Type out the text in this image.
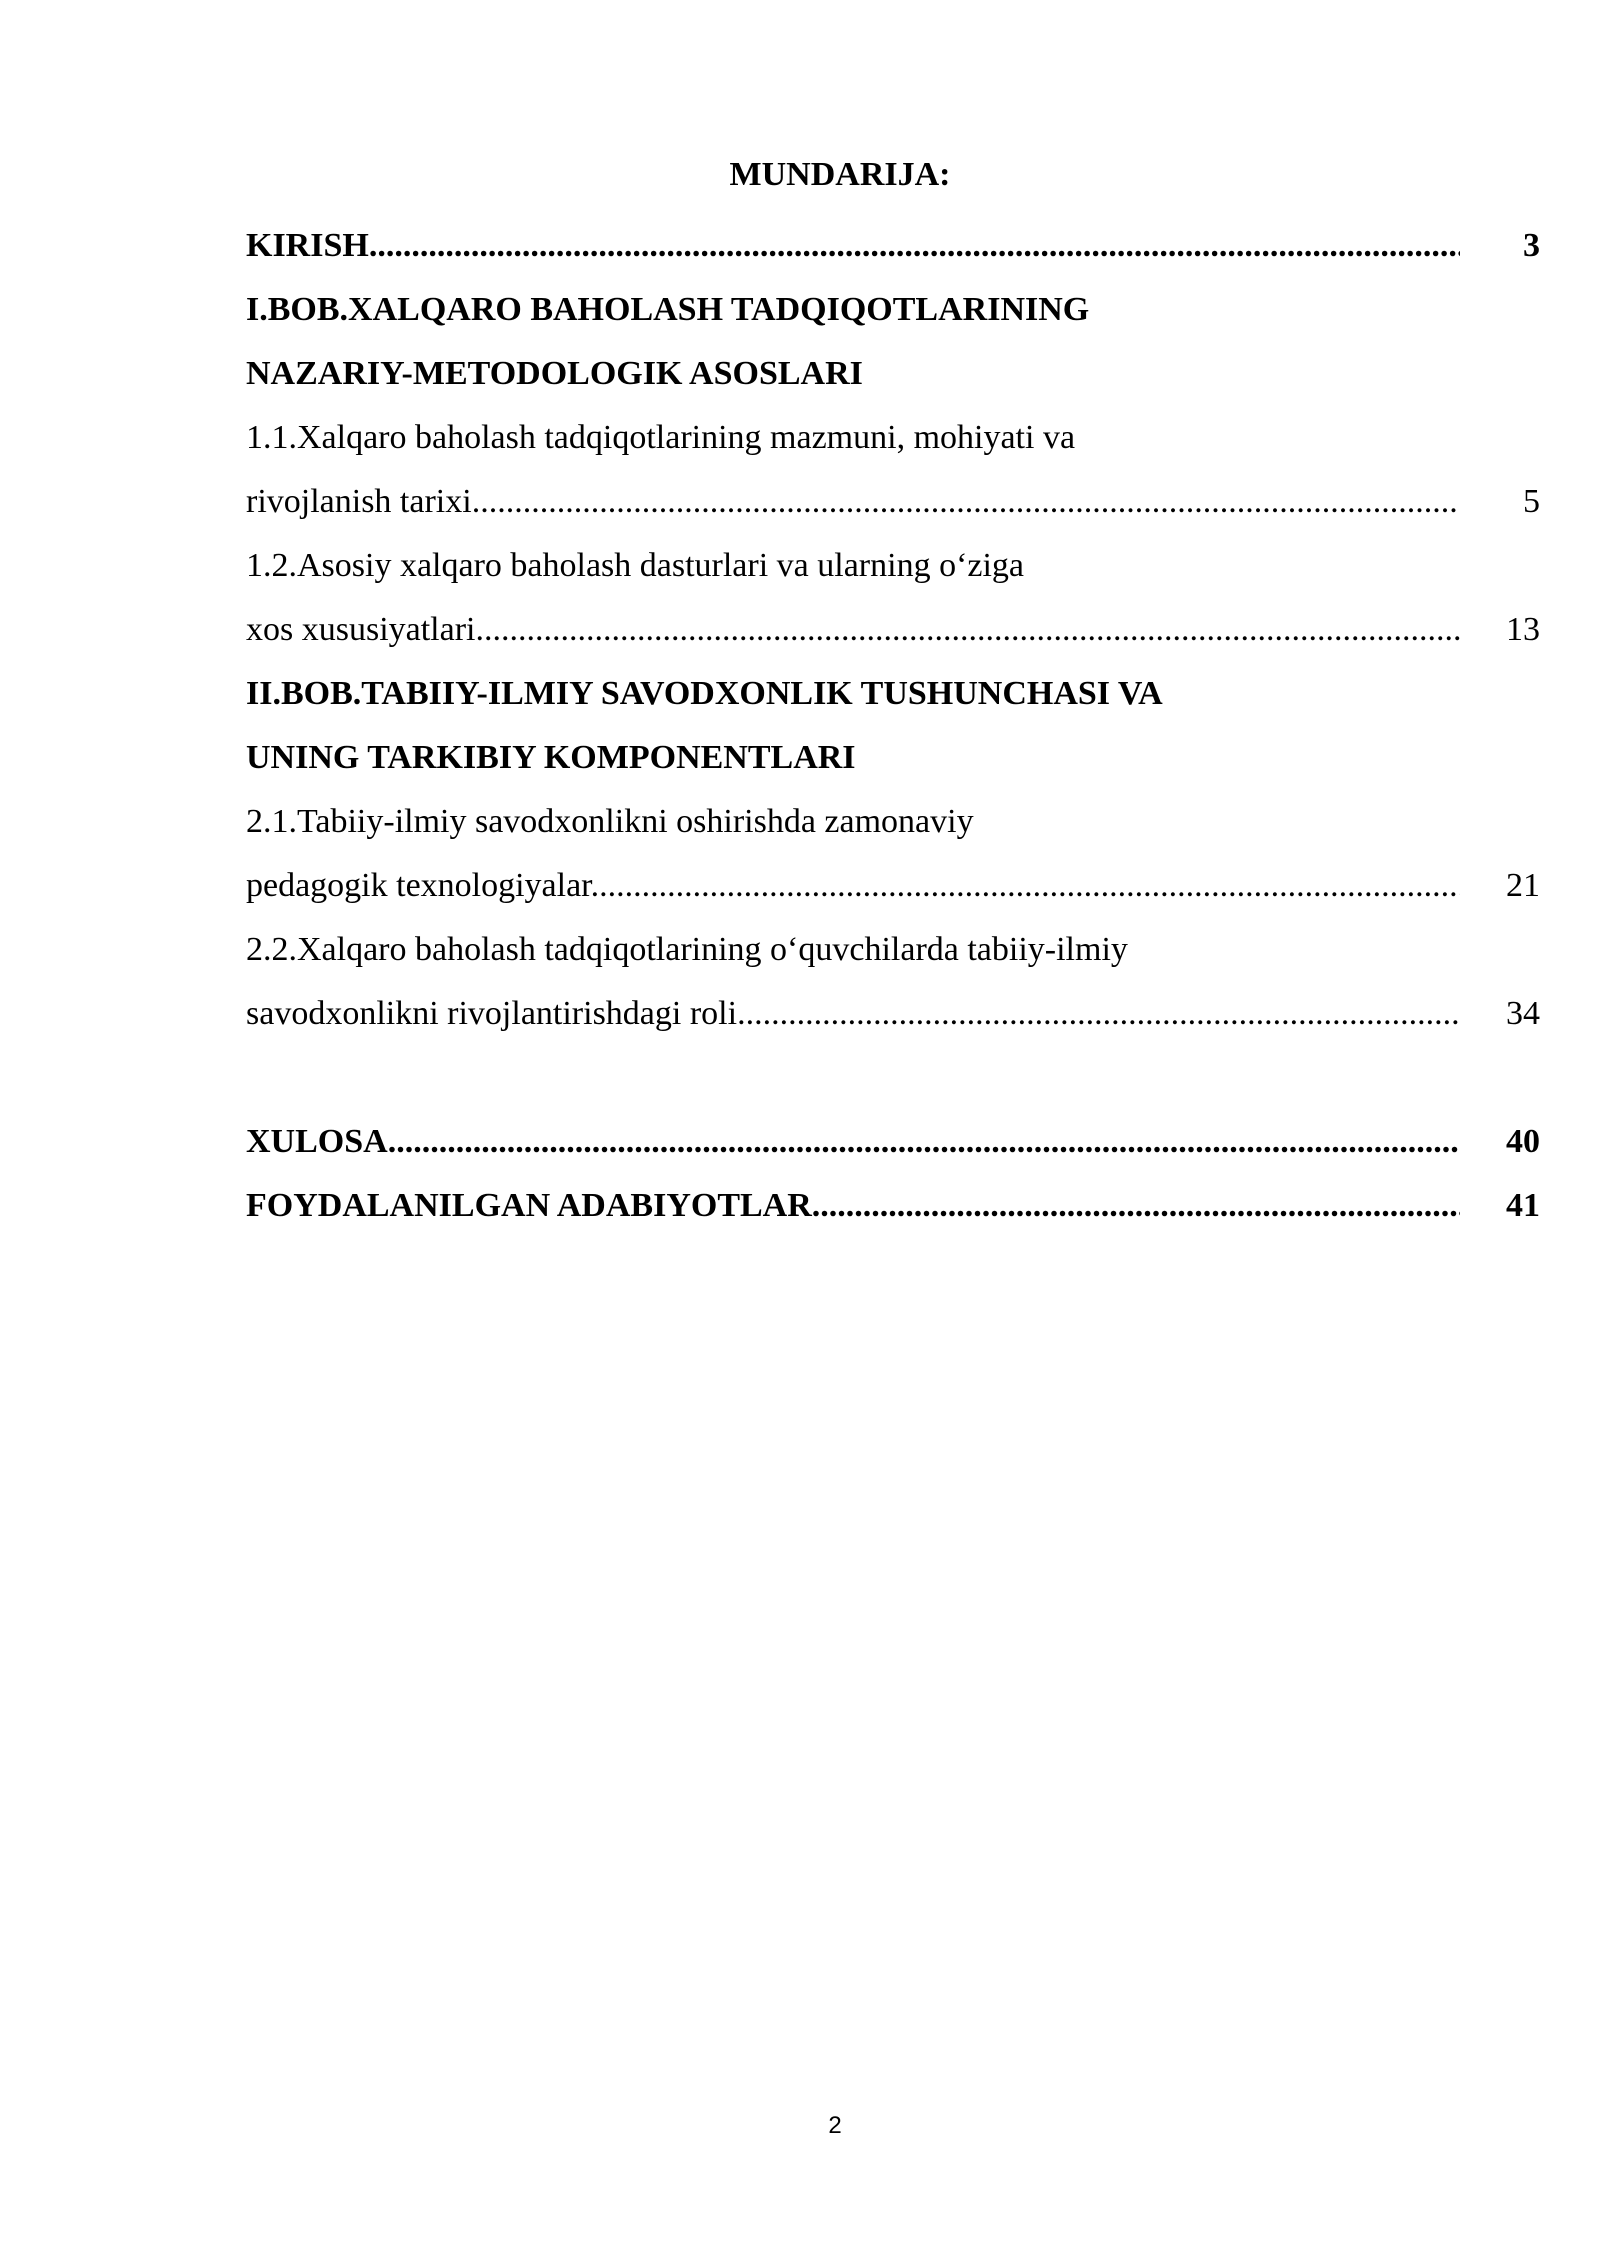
MUNDARIJA:
KIRISH .....	3
I.BOB.XALQARO BAHOLASH TADQIQOTLARINING
NAZARIY-METODOLOGIK ASOSLARI
1.1.Xalqaro baholash tadqiqotlarining mazmuni, mohiyati va
rivojlanish tarixi .....	5
1.2.Asosiy xalqaro baholash dasturlari va ularning o‘ziga
xos xususiyatlari .....	13
II.BOB.TABIIY-ILMIY SAVODXONLIK TUSHUNCHASI VA
UNING TARKIBIY KOMPONENTLARI
2.1.Tabiiy-ilmiy savodxonlikni oshirishda zamonaviy
pedagogik texnologiyalar .....	21
2.2.Xalqaro baholash tadqiqotlarining o‘quvchilarda tabiiy-ilmiy
savodxonlikni rivojlantirishdagi roli .....	34
XULOSA .....	40
FOYDALANILGAN ADABIYOTLAR .....	41
2
